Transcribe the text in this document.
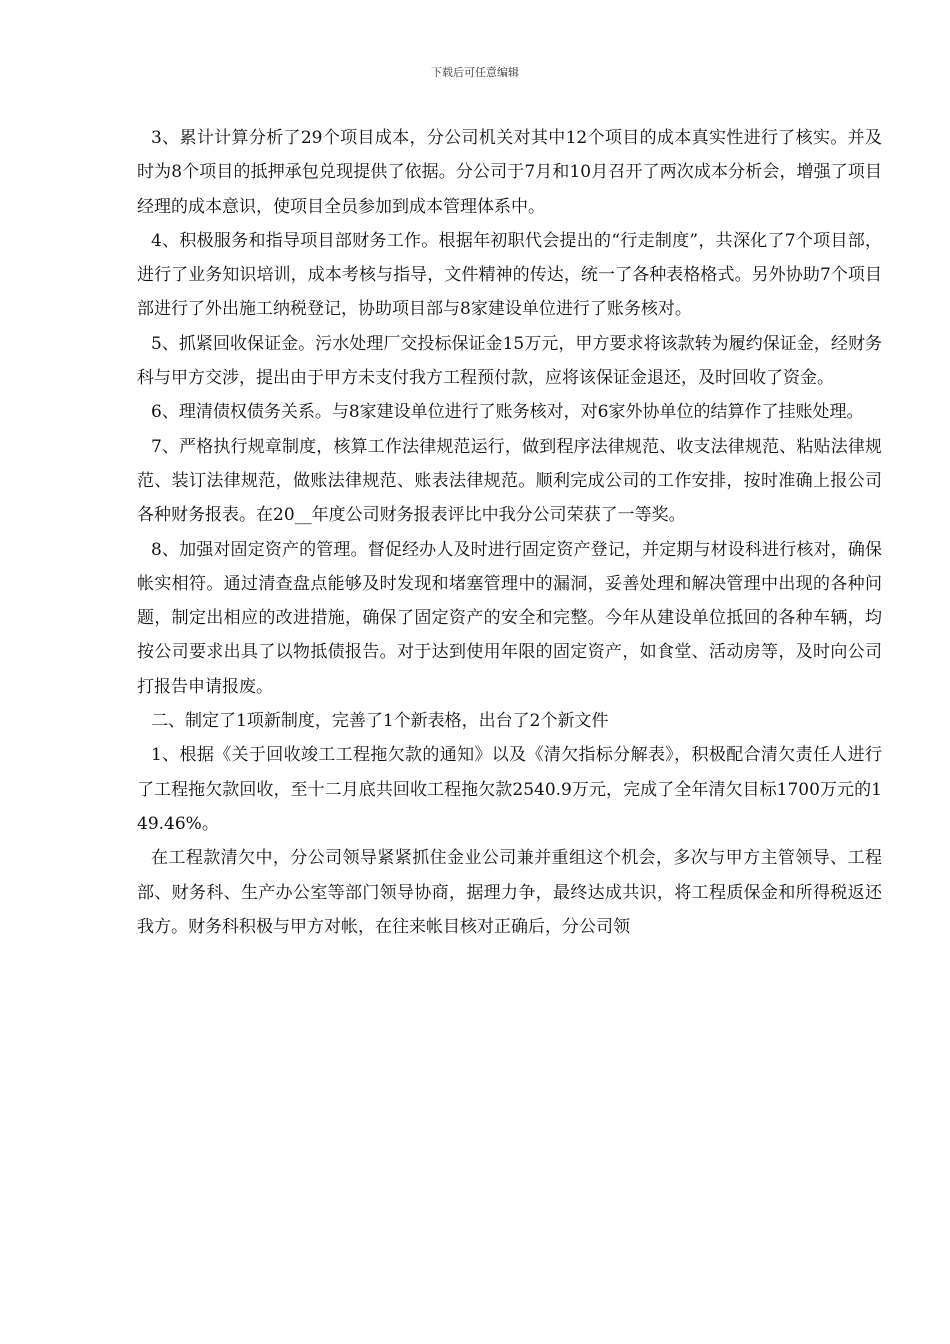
下载后可任意编辑

3、累计计算分析了29个项目成本，分公司机关对其中12个项目的成本真实性进行了核实。并及时为8个项目的抵押承包兑现提供了依据。分公司于7月和10月召开了两次成本分析会，增强了项目经理的成本意识，使项目全员参加到成本管理体系中。

4、积极服务和指导项目部财务工作。根据年初职代会提出的“行走制度”，共深化了7个项目部，进行了业务知识培训，成本考核与指导，文件精神的传达，统一了各种表格格式。另外协助7个项目部进行了外出施工纳税登记，协助项目部与8家建设单位进行了账务核对。

5、抓紧回收保证金。污水处理厂交投标保证金15万元，甲方要求将该款转为履约保证金，经财务科与甲方交涉，提出由于甲方未支付我方工程预付款，应将该保证金退还，及时回收了资金。

6、理清债权债务关系。与8家建设单位进行了账务核对，对6家外协单位的结算作了挂账处理。

7、严格执行规章制度，核算工作法律规范运行，做到程序法律规范、收支法律规范、粘贴法律规范、装订法律规范，做账法律规范、账表法律规范。顺利完成公司的工作安排，按时准确上报公司各种财务报表。在20__年度公司财务报表评比中我分公司荣获了一等奖。

8、加强对固定资产的管理。督促经办人及时进行固定资产登记，并定期与材设科进行核对，确保帐实相符。通过清查盘点能够及时发现和堵塞管理中的漏洞，妥善处理和解决管理中出现的各种问题，制定出相应的改进措施，确保了固定资产的安全和完整。今年从建设单位抵回的各种车辆，均按公司要求出具了以物抵债报告。对于达到使用年限的固定资产，如食堂、活动房等，及时向公司打报告申请报废。

二、制定了1项新制度，完善了1个新表格，出台了2个新文件

1、根据《关于回收竣工工程拖欠款的通知》以及《清欠指标分解表》，积极配合清欠责任人进行了工程拖欠款回收，至十二月底共回收工程拖欠款2540.9万元，完成了全年清欠目标1700万元的149.46%。

在工程款清欠中，分公司领导紧紧抓住金业公司兼并重组这个机会，多次与甲方主管领导、工程部、财务科、生产办公室等部门领导协商，据理力争，最终达成共识，将工程质保金和所得税返还我方。财务科积极与甲方对帐，在往来帐目核对正确后，分公司领
